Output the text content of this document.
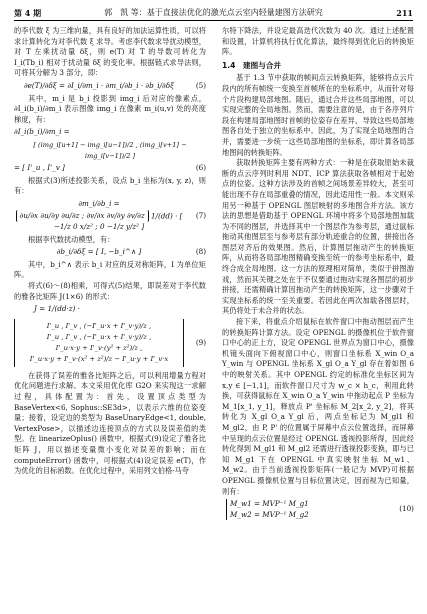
第 4 期	郭　凯 等：基于直接法优化的激光点云室内轻量建图方法研究	211

的李代数 ξ 为三维向量，具有良好的加法运算性质，可以将求计算转化为对李代数 ξ 求导。考虑李代数求导扰动模型，对 T 左乘扰动量 δξ，则 e(T) 对 T 的导数可转化为 I_i(Tb_i) 相对于扰动量 δξ 的变化率。根据链式求导法则，可将其分解为 3 部分，即：

∂e(T)/∂δξ = ∂I_i/∂m_i · ∂m_i/∂b_i · ∂b_i/∂δξ	(5)

其中，m_i 是 b_i 投影到 img_i 后对应的像素点，∂I_i(b_i)/∂m_i 表示图像 img_i 在像素 m_i(u,v) 处的亮度梯度，有：

∂I_i(b_i)/∂m_i =
[ (img_i[u+1] − img_i[u−1])/2 , (img_i[v+1] − img_i[v−1])/2 ]
= [ I'_u , I'_v ]	(6)

根据式(3)所述投影关系，设点 b_i 坐标为(x, y, z)，则有：

∂m_i/∂b_i = ∂u/∂x ∂u/∂y ∂u/∂z ; ∂v/∂x ∂v/∂y ∂v/∂z 1/(dd) · [ −1/z 0 x/z² ; 0 −1/z y/z² ]
(7)

根据李代数扰动模型，有：

∂b_i/∂δξ = [ I, −b_i^∧ ]	(8)

其中，b_i^∧ 表示 b_i 对应的反对称矩阵，I 为单位矩阵。

将式(6)～(8)相乘，可得式(5)结果，即误差对于李代数的雅各比矩阵 J(1×6) 的形式：

J = 1/(dd·z) ·
I'_u , I'_v , (−I'_u·x + I'_v·y)/z ,
I'_u , I'_v , (−I'_u·x + I'_v·y)/z ,
I'_u·x·y + I'_v·(y² + z²)/z ,
I'_u·x·y + I'_v·(x² + z²)/z − I'_u·y + I'_v·x
(9)

在获得了误差的雅各比矩阵之后，可以利用增量方程对优化问题进行求解。本文采用优化库 G2O 来实现这一求解过程，具体配置为：首先，设置顶点类型为 BaseVertex<6, Sophus::SE3d>，以表示六维的位姿变量；接着，设定边的类型为 BaseUnaryEdge<1, double, VertexPose>，以描述边连接顶点的方式以及误差值的类型。在 linearizeOplus() 函数中，根据式(9)设定了雅各比矩阵 J，用以描述变量微小变化对误差的影响；而在 computeError() 函数中，可根据式(4)设定误差 e(T)，作为优化的目标函数。在优化过程中，采用列文伯格-马夸

尔特下降法，并设定最高迭代次数为 40 次。通过上述配置和设置，计算机将执行优化算法，最终得到优化后的转换矩阵。

1.4　建图与合并

基于 1.3 节中获取的帧间点云转换矩阵，能够将点云片段内的所有帧统一变换至首帧所在的坐标系中，从而针对每个片段构建局部地图。随后，通过合并这些局部地图，可以实现完整的全局地图。然而，需要注意的是，由于各序列片段在构建局部地图时首帧的位姿存在差异，导致这些局部地图各自处于独立的坐标系中。因此，为了实现全局地图的合并，需要进一步统一这些局部地图的坐标系，即计算各局部地图间的转换矩阵。

获取转换矩阵主要有两种方式：一种是在获取原始未裁断的点云序列时利用 NDT、ICP 算法获取各帧相对于起始点的位姿。这种方法涉及的首帧之间场景差异较大，甚至可能出现不存在局部重叠的情况，因此适用性一般。本文则采用另一种基于 OPENGL 图层映射的多地图合并方法。该方法的思想是借助基于 OPENGL 环境中将多个局部地图加载为不同的图层，并选择其中一个图层作为参考层，通过鼠标拖动其他图层至与参考层有部分轨迹重合的位置，拼接出各图层对齐后的效果图。然后，计算图层拖动产生的转换矩阵，从而将各局部地图精确变换至统一的参考坐标系中，最终合成全局地图。这一方法的原理相对简单，类似于拼图游戏，然而其关键之处在于不仅要通过拖动实现各图层的初步拼接，还需精确计算因拖动产生的转换矩阵，这一步骤对于实现坐标系的统一至关重要。若因此在两次加载各图层时，其仍将处于未合并的状态。

接下来，将重点介绍鼠标在软件窗口中拖动图层而产生的转换矩阵计算方法。设定 OPENGL 的摄像机位于软件窗口中心的正上方，设定 OPENGL 世界点为窗口中心，摄像机镜头面向下俯视窗口中心，则窗口坐标系 X_win O_a Y_win 与 OPENGL 坐标系 X_gl O_a Y_gl 存在着如图 6 中的映射关系。其中 OPENGL 约定的标准化坐标区间为 x,y ∈ [−1,1]，而软件窗口尺寸为 w_c × h_c，利用此转换，可获得鼠标在 X_win O_a Y_win 中拖动起点 P 坐标为 M_1[x_1, y_1]，释放点 P' 坐标标 M_2[x_2, y_2]，将其转化为 X_gl O_a Y_gl 后，两点坐标记为 M_gl1 和 M_gl2，由 P, P' 的位置属于屏幕中点云位置选择，而屏幕中呈现的点云位置是经过 OPENGL 透视投影所得，因此经转化得到 M_gl1 和 M_gl2 还需进行透视投影变换，即与已知 M_g1 下在 OPENGL 中真实映射坐标 M_w1、M_w2。由于当前透视投影矩阵(一般记为 MVP)可根据 OPENGL 摄像机位置与目标位置决定，因而视为已知量，则有：

M_w1 = MVP⁻¹ M_g1
M_w2 = MVP⁻¹ M_g2
(10)
